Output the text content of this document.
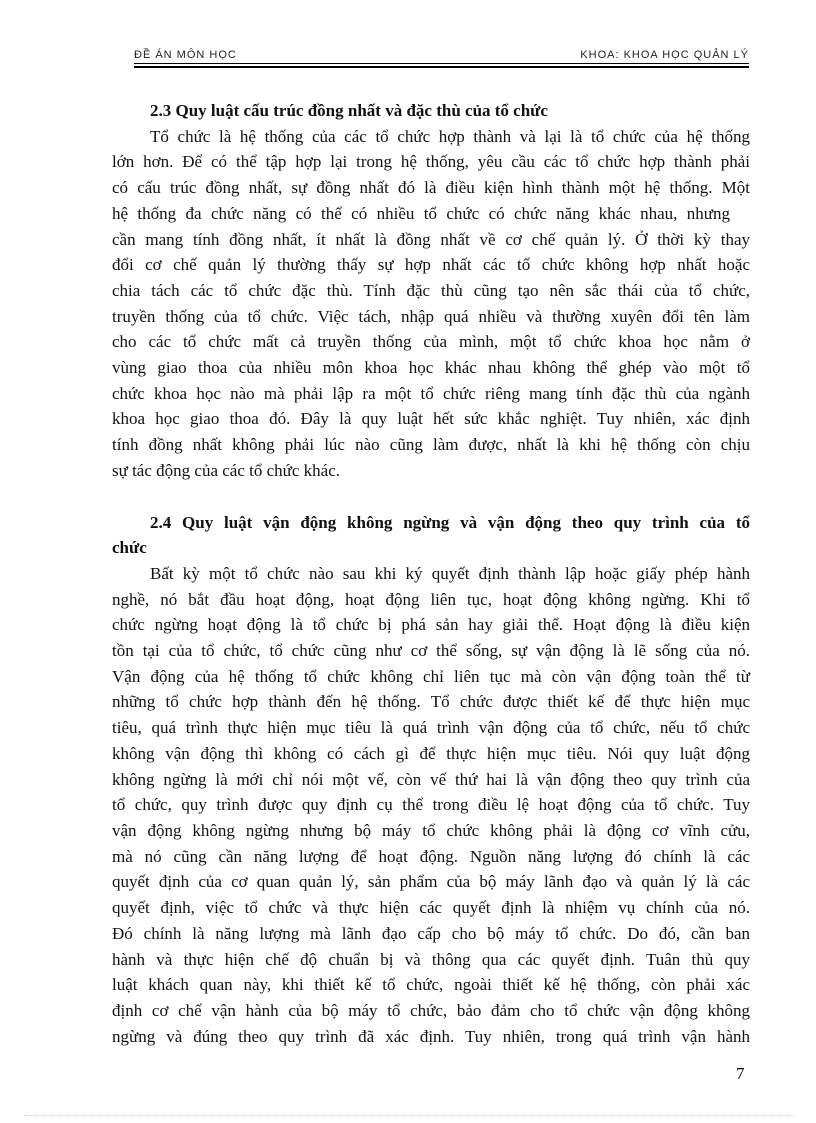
ĐỀ ÁN MÔN HỌC	KHOA: KHOA HỌC QUẢN LÝ

2.3 Quy luật cấu trúc đồng nhất và đặc thù của tổ chức

Tổ chức là hệ thống của các tổ chức hợp thành và lại là tổ chức của hệ thống
lớn hơn. Để có thể tập hợp lại trong hệ thống, yêu cầu các tổ chức hợp thành phải
có cấu trúc đồng nhất, sự đồng nhất đó là điều kiện hình thành một hệ thống. Một
hệ thống đa chức năng có thể có nhiều tổ chức có chức năng khác nhau, nhưng
cần mang tính đồng nhất, ít nhất là đồng nhất về cơ chế quản lý. Ở thời kỳ thay
đổi cơ chế quản lý thường thấy sự hợp nhất các tổ chức không hợp nhất hoặc
chia tách các tổ chức đặc thù. Tính đặc thù cũng tạo nên sắc thái của tổ chức,
truyền thống của tổ chức. Việc tách, nhập quá nhiều và thường xuyên đổi tên làm
cho các tổ chức mất cả truyền thống của mình, một tổ chức khoa học nằm ở
vùng giao thoa của nhiều môn khoa học khác nhau không thể ghép vào một tổ
chức khoa học nào mà phải lập ra một tổ chức riêng mang tính đặc thù của ngành
khoa học giao thoa đó. Đây là quy luật hết sức khắc nghiệt. Tuy nhiên, xác định
tính đồng nhất không phải lúc nào cũng làm được, nhất là khi hệ thống còn chịu
sự tác động của các tổ chức khác.

2.4 Quy luật vận động không ngừng và vận động theo quy trình của tổ

chức

Bất kỳ một tổ chức nào sau khi ký quyết định thành lập hoặc giấy phép hành
nghề, nó bắt đầu hoạt động, hoạt động liên tục, hoạt động không ngừng. Khi tổ
chức ngừng hoạt động là tổ chức bị phá sản hay giải thể. Hoạt động là điều kiện
tồn tại của tổ chức, tổ chức cũng như cơ thể sống, sự vận động là lẽ sống của nó.
Vận động của hệ thống tổ chức không chỉ liên tục mà còn vận động toàn thể từ
những tổ chức hợp thành đến hệ thống. Tổ chức được thiết kế để thực hiện mục
tiêu, quá trình thực hiện mục tiêu là quá trình vận động của tổ chức, nếu tổ chức
không vận động thì không có cách gì để thực hiện mục tiêu. Nói quy luật động
không ngừng là mới chỉ nói một vế, còn vế thứ hai là vận động theo quy trình của
tổ chức, quy trình được quy định cụ thể trong điều lệ hoạt động của tổ chức. Tuy
vận động không ngừng nhưng bộ máy tổ chức không phải là động cơ vĩnh cửu,
mà nó cũng cần năng lượng để hoạt động. Nguồn năng lượng đó chính là các
quyết định của cơ quan quản lý, sản phẩm của bộ máy lãnh đạo và quản lý là các
quyết định, việc tổ chức và thực hiện các quyết định là nhiệm vụ chính của nó.
Đó chính là năng lượng mà lãnh đạo cấp cho bộ máy tổ chức. Do đó, cần ban
hành và thực hiện chế độ chuẩn bị và thông qua các quyết định. Tuân thủ quy
luật khách quan này, khi thiết kế tổ chức, ngoài thiết kế hệ thống, còn phải xác
định cơ chế vận hành của bộ máy tổ chức, bảo đảm cho tổ chức vận động không
ngừng và đúng theo quy trình đã xác định. Tuy nhiên, trong quá trình vận hành
7
